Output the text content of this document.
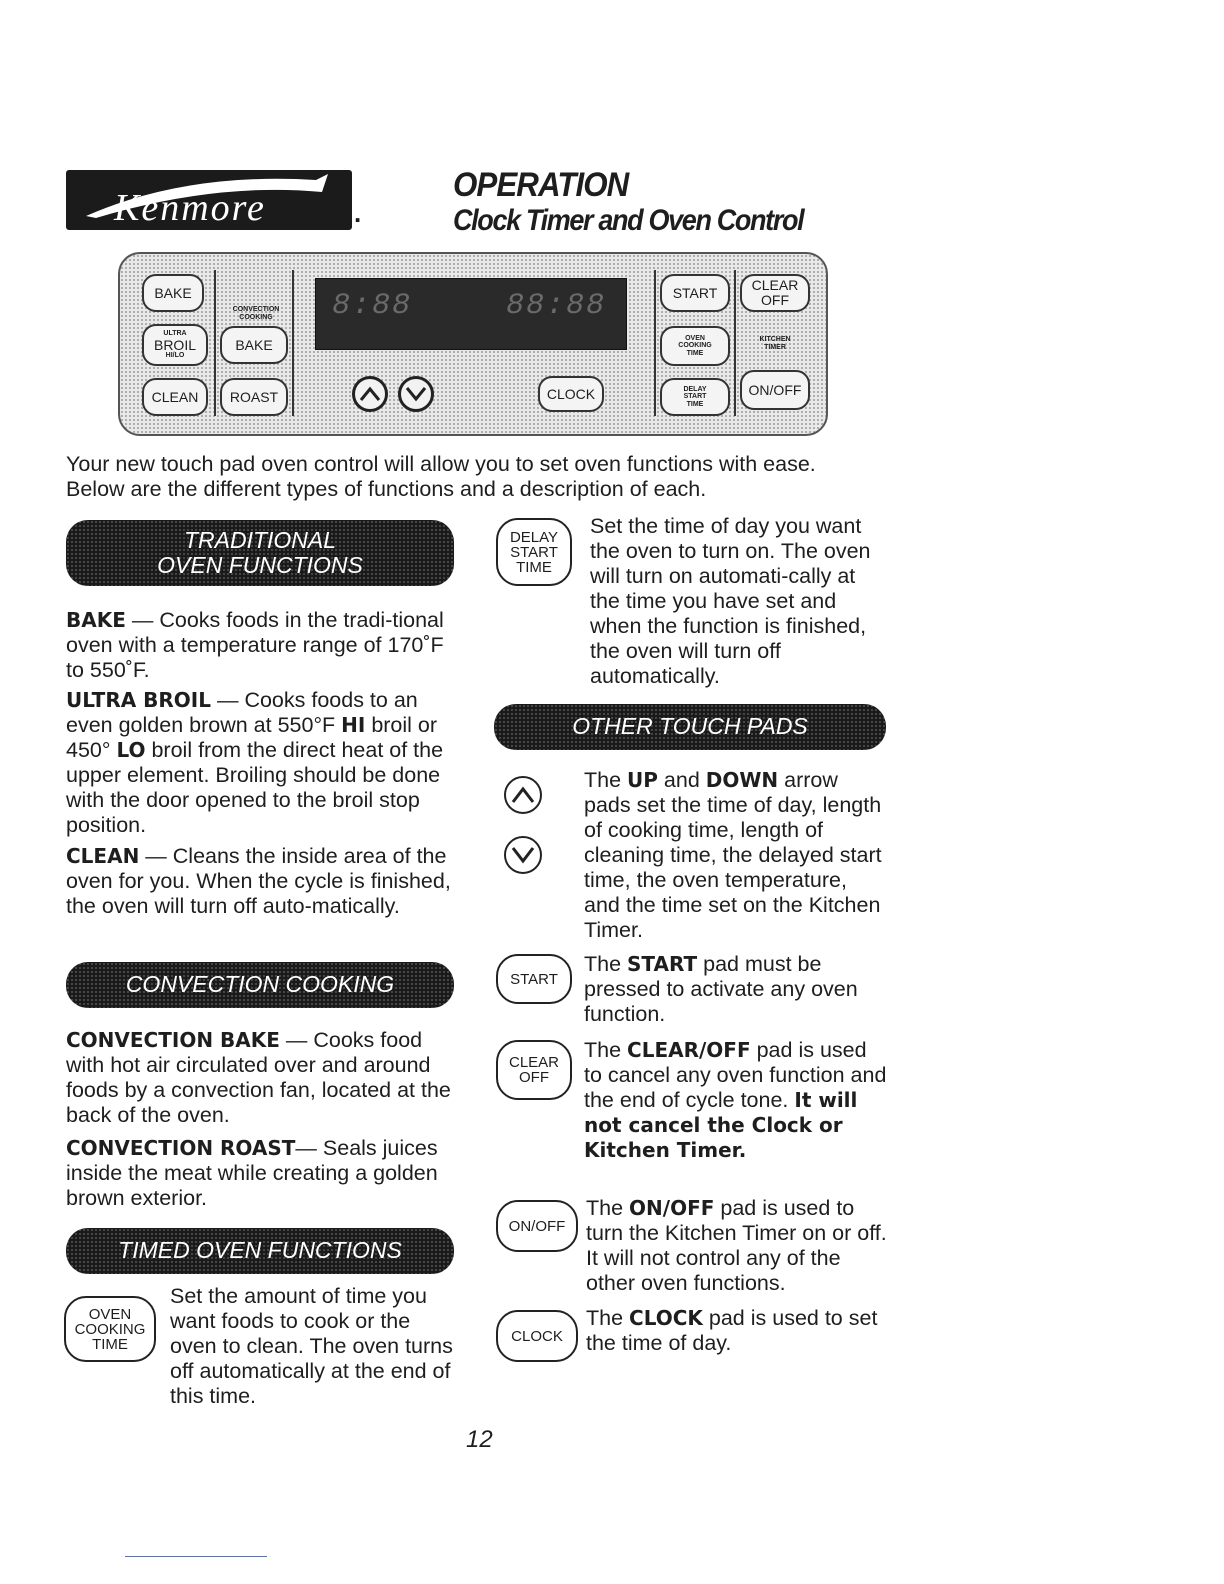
Kenmore	.
OPERATION
Clock Timer and Oven Control
BAKE
ULTRA
BROIL
HI/LO
CLEAN
CONVECTION
COOKING
BAKE
ROAST
8:88	88:88
CLOCK
START
OVEN
COOKING
TIME
DELAY
START
TIME
CLEAR
OFF
KITCHEN
TIMER
ON/OFF
Your new touch pad oven control will allow you to set oven functions with ease.
Below are the different types of functions and a description of each.
TRADITIONAL
OVEN FUNCTIONS
BAKE — Cooks foods in the tradi-tional oven with a temperature range of 170˚F to 550˚F.
ULTRA BROIL — Cooks foods to an even golden brown at 550°F HI broil or 450° LO broil from the direct heat of the upper element. Broiling should be done with the door opened to the broil stop position.
CLEAN — Cleans the inside area of the oven for you. When the cycle is finished, the oven will turn off auto-matically.
CONVECTION COOKING
CONVECTION BAKE — Cooks food with hot air circulated over and around foods by a convection fan, located at the back of the oven.
CONVECTION ROAST— Seals juices inside the meat while creating a golden brown exterior.
TIMED OVEN FUNCTIONS
OVEN
COOKING
TIME
Set the amount of time you want foods to cook or the oven to clean. The oven turns off automatically at the end of this time.
DELAY
START
TIME
Set the time of day you want the oven to turn on. The oven will turn on automati-cally at the time you have set and when the function is finished, the oven will turn off automatically.
OTHER TOUCH PADS
The UP and DOWN arrow pads set the time of day, length of cooking time, length of cleaning time, the delayed start time, the oven temperature, and the time set on the Kitchen Timer.
START
The START pad must be pressed to activate any oven function.
CLEAR
OFF
The CLEAR/OFF pad is used to cancel any oven function and the end of cycle tone. It will not cancel the Clock or Kitchen Timer.
ON/OFF
The ON/OFF pad is used to turn the Kitchen Timer on or off. It will not control any of the other oven functions.
CLOCK
The CLOCK pad is used to set the time of day.
12
